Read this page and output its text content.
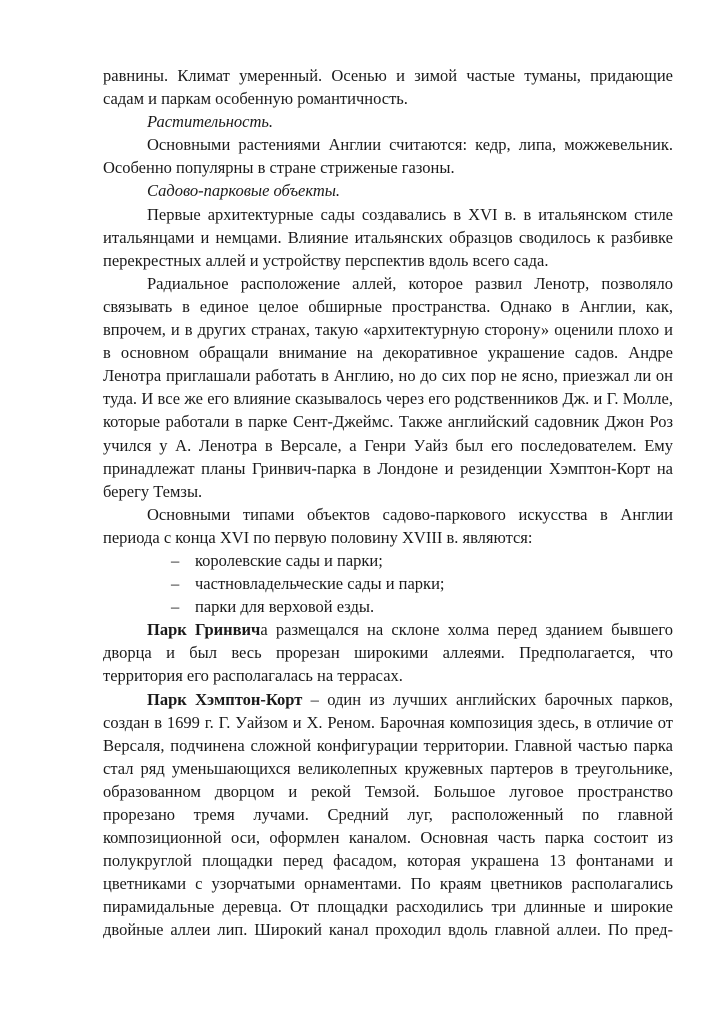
равнины. Климат умеренный. Осенью и зимой частые туманы, придающие садам и паркам особенную романтичность.

Растительность.

Основными растениями Англии считаются: кедр, липа, можжевельник. Особенно популярны в стране стриженые газоны.

Садово-парковые объекты.

Первые архитектурные сады создавались в XVI в. в итальянском стиле итальянцами и немцами. Влияние итальянских образцов сводилось к разбивке перекрестных аллей и устройству перспектив вдоль всего сада.

Радиальное расположение аллей, которое развил Ленотр, позволяло связывать в единое целое обширные пространства. Однако в Англии, как, впрочем, и в других странах, такую «архитектурную сторону» оценили плохо и в основном обращали внимание на декоративное украшение садов. Андре Ленотра приглашали работать в Англию, но до сих пор не ясно, приезжал ли он туда. И все же его влияние сказывалось через его родственников Дж. и Г. Молле, которые работали в парке Сент-Джеймс. Также английский садовник Джон Роз учился у А. Ленотра в Версале, а Генри Уайз был его последователем. Ему принадлежат планы Гринвич-парка в Лондоне и резиденции Хэмптон-Корт на берегу Темзы.

Основными типами объектов садово-паркового искусства в Англии периода с конца XVI по первую половину XVIII в. являются:

– королевские сады и парки;

– частновладельческие сады и парки;

– парки для верховой езды.

Парк Гринвича размещался на склоне холма перед зданием бывшего дворца и был весь прорезан широкими аллеями. Предполагается, что территория его располагалась на террасах.

Парк Хэмптон-Корт – один из лучших английских барочных парков, создан в 1699 г. Г. Уайзом и Х. Реном. Барочная композиция здесь, в отличие от Версаля, подчинена сложной конфигурации территории. Главной частью парка стал ряд уменьшающихся великолепных кружевных партеров в треугольнике, образованном дворцом и рекой Темзой. Большое луговое пространство прорезано тремя лучами. Средний луг, расположенный по главной композиционной оси, оформлен каналом. Основная часть парка состоит из полукруглой площадки перед фасадом, которая украшена 13 фонтанами и цветниками с узорчатыми орнаментами. По краям цветников располагались пирамидальные деревца. От площадки расходились три длинные и широкие двойные аллеи лип. Широкий канал проходил вдоль главной аллеи. По пред-
